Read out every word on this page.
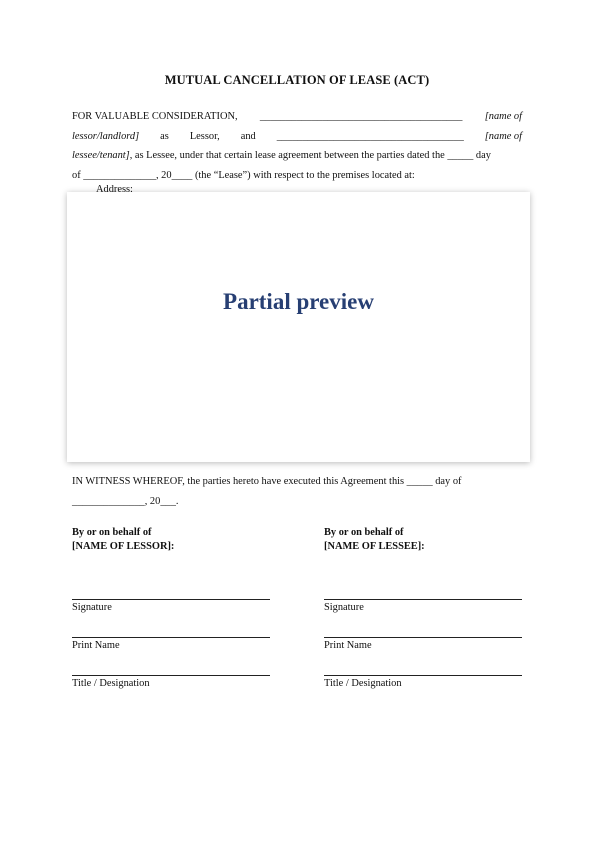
MUTUAL CANCELLATION OF LEASE (ACT)
FOR VALUABLE CONSIDERATION, _______________________________________ [name of
lessor/landlord] as Lessor, and ____________________________________ [name of
lessee/tenant], as Lessee, under that certain lease agreement between the parties dated the _____ day
of ______________, 20____ (the “Lease”) with respect to the premises located at:
Address:
Partial preview
IN WITNESS WHEREOF, the parties hereto have executed this Agreement this _____ day of
______________, 20___.
By or on behalf of
[NAME OF LESSOR]:
Signature
Print Name
Title / Designation
By or on behalf of
[NAME OF LESSEE]:
Signature
Print Name
Title / Designation
